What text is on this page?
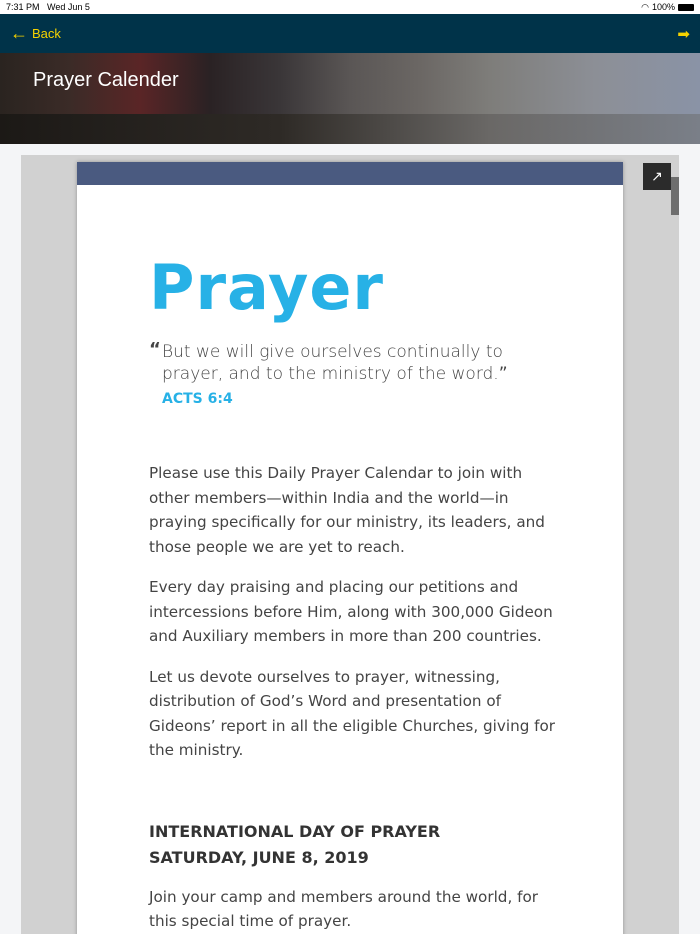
7:31 PM Wed Jun 5	◠ 100%
← Back	➡
Prayer Calender
Prayer
“ But we will give ourselves continually to prayer, and to the ministry of the word.”
ACTS 6:4

Please use this Daily Prayer Calendar to join with other members—within India and the world—in praying specifically for our ministry, its leaders, and those people we are yet to reach.

Every day praising and placing our petitions and intercessions before Him, along with 300,000 Gideon and Auxiliary members in more than 200 countries.

Let us devote ourselves to prayer, witnessing, distribution of God’s Word and presentation of Gideons’ report in all the eligible Churches, giving for the ministry.

INTERNATIONAL DAY OF PRAYER
SATURDAY, JUNE 8, 2019

Join your camp and members around the world, for this special time of prayer.

↗
